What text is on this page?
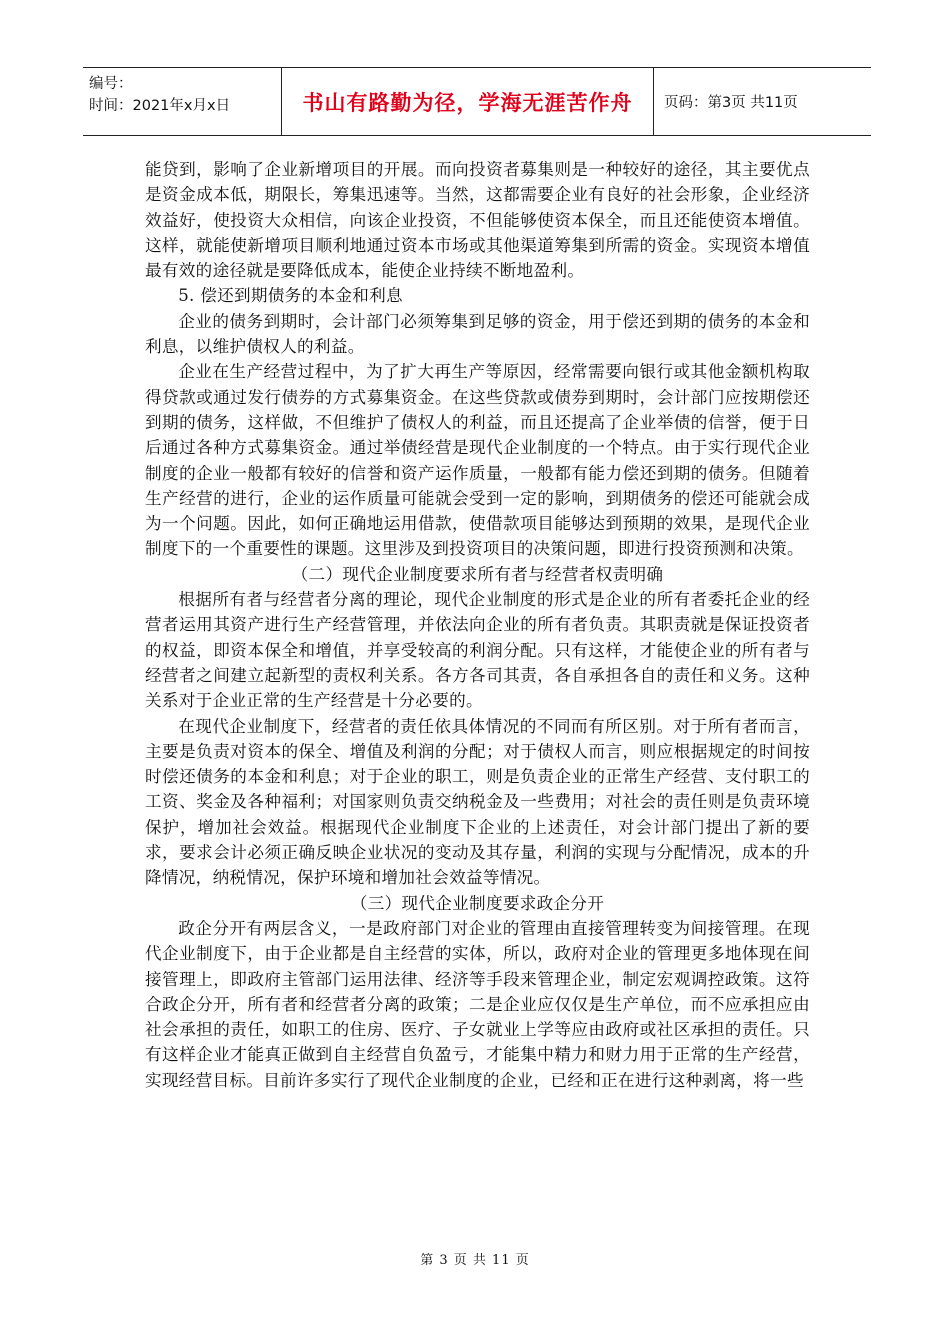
编号：
时间：2021年x月x日	书山有路勤为径，学海无涯苦作舟	页码：第3页 共11页

能贷到，影响了企业新增项目的开展。而向投资者募集则是一种较好的途径，其主要优点是资金成本低，期限长，筹集迅速等。当然，这都需要企业有良好的社会形象，企业经济效益好，使投资大众相信，向该企业投资，不但能够使资本保全，而且还能使资本增值。这样，就能使新增项目顺利地通过资本市场或其他渠道筹集到所需的资金。实现资本增值最有效的途径就是要降低成本，能使企业持续不断地盈利。

5. 偿还到期债务的本金和利息

企业的债务到期时，会计部门必须筹集到足够的资金，用于偿还到期的债务的本金和利息，以维护债权人的利益。

企业在生产经营过程中，为了扩大再生产等原因，经常需要向银行或其他金额机构取得贷款或通过发行债券的方式募集资金。在这些贷款或债券到期时，会计部门应按期偿还到期的债务，这样做，不但维护了债权人的利益，而且还提高了企业举债的信誉，便于日后通过各种方式募集资金。通过举债经营是现代企业制度的一个特点。由于实行现代企业制度的企业一般都有较好的信誉和资产运作质量，一般都有能力偿还到期的债务。但随着生产经营的进行，企业的运作质量可能就会受到一定的影响，到期债务的偿还可能就会成为一个问题。因此，如何正确地运用借款，使借款项目能够达到预期的效果，是现代企业制度下的一个重要性的课题。这里涉及到投资项目的决策问题，即进行投资预测和决策。

（二）现代企业制度要求所有者与经营者权责明确

根据所有者与经营者分离的理论，现代企业制度的形式是企业的所有者委托企业的经营者运用其资产进行生产经营管理，并依法向企业的所有者负责。其职责就是保证投资者的权益，即资本保全和增值，并享受较高的利润分配。只有这样，才能使企业的所有者与经营者之间建立起新型的责权利关系。各方各司其责，各自承担各自的责任和义务。这种关系对于企业正常的生产经营是十分必要的。

在现代企业制度下，经营者的责任依具体情况的不同而有所区别。对于所有者而言，主要是负责对资本的保全、增值及利润的分配；对于债权人而言，则应根据规定的时间按时偿还债务的本金和利息；对于企业的职工，则是负责企业的正常生产经营、支付职工的工资、奖金及各种福利；对国家则负责交纳税金及一些费用；对社会的责任则是负责环境保护，增加社会效益。根据现代企业制度下企业的上述责任，对会计部门提出了新的要求，要求会计必须正确反映企业状况的变动及其存量，利润的实现与分配情况，成本的升降情况，纳税情况，保护环境和增加社会效益等情况。

（三）现代企业制度要求政企分开

政企分开有两层含义，一是政府部门对企业的管理由直接管理转变为间接管理。在现代企业制度下，由于企业都是自主经营的实体，所以，政府对企业的管理更多地体现在间接管理上，即政府主管部门运用法律、经济等手段来管理企业，制定宏观调控政策。这符合政企分开，所有者和经营者分离的政策；二是企业应仅仅是生产单位，而不应承担应由社会承担的责任，如职工的住房、医疗、子女就业上学等应由政府或社区承担的责任。只有这样企业才能真正做到自主经营自负盈亏，才能集中精力和财力用于正常的生产经营，实现经营目标。目前许多实行了现代企业制度的企业，已经和正在进行这种剥离，将一些

第 3 页 共 11 页
